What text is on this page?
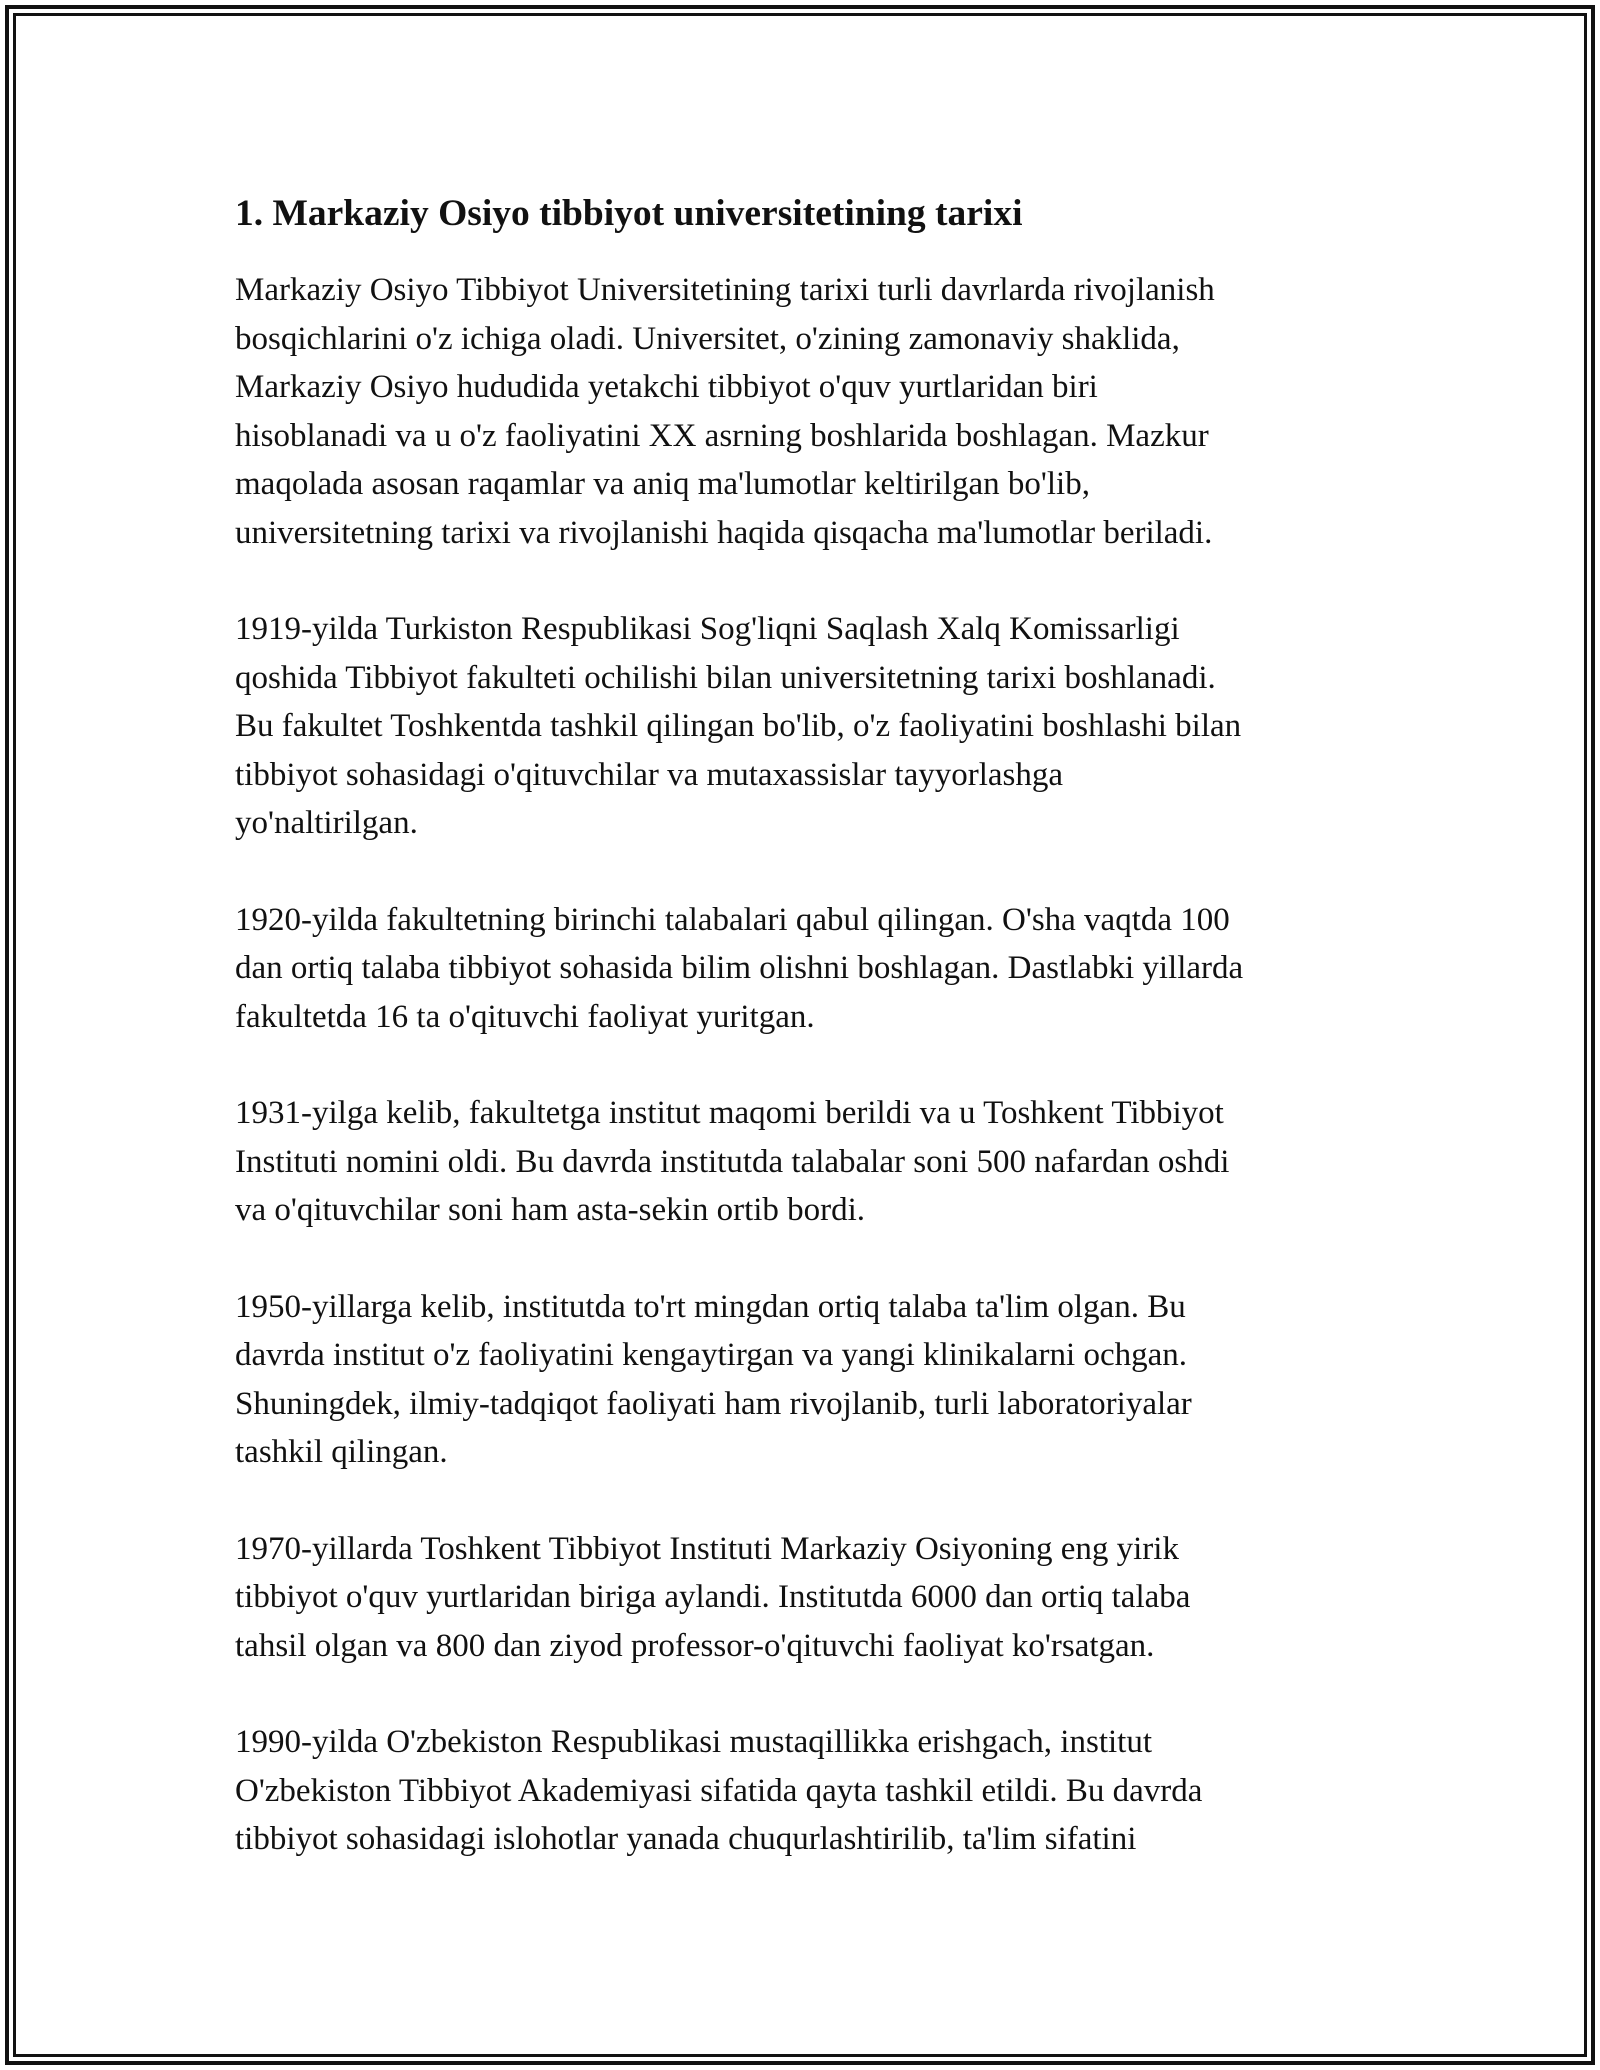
1. Markaziy Osiyo tibbiyot universitetining tarixi

Markaziy Osiyo Tibbiyot Universitetining tarixi turli davrlarda rivojlanish
bosqichlarini o'z ichiga oladi. Universitet, o'zining zamonaviy shaklida,
Markaziy Osiyo hududida yetakchi tibbiyot o'quv yurtlaridan biri
hisoblanadi va u o'z faoliyatini XX asrning boshlarida boshlagan. Mazkur
maqolada asosan raqamlar va aniq ma'lumotlar keltirilgan bo'lib,
universitetning tarixi va rivojlanishi haqida qisqacha ma'lumotlar beriladi.

1919-yilda Turkiston Respublikasi Sog'liqni Saqlash Xalq Komissarligi
qoshida Tibbiyot fakulteti ochilishi bilan universitetning tarixi boshlanadi.
Bu fakultet Toshkentda tashkil qilingan bo'lib, o'z faoliyatini boshlashi bilan
tibbiyot sohasidagi o'qituvchilar va mutaxassislar tayyorlashga
yo'naltirilgan.

1920-yilda fakultetning birinchi talabalari qabul qilingan. O'sha vaqtda 100
dan ortiq talaba tibbiyot sohasida bilim olishni boshlagan. Dastlabki yillarda
fakultetda 16 ta o'qituvchi faoliyat yuritgan.

1931-yilga kelib, fakultetga institut maqomi berildi va u Toshkent Tibbiyot
Instituti nomini oldi. Bu davrda institutda talabalar soni 500 nafardan oshdi
va o'qituvchilar soni ham asta-sekin ortib bordi.

1950-yillarga kelib, institutda to'rt mingdan ortiq talaba ta'lim olgan. Bu
davrda institut o'z faoliyatini kengaytirgan va yangi klinikalarni ochgan.
Shuningdek, ilmiy-tadqiqot faoliyati ham rivojlanib, turli laboratoriyalar
tashkil qilingan.

1970-yillarda Toshkent Tibbiyot Instituti Markaziy Osiyoning eng yirik
tibbiyot o'quv yurtlaridan biriga aylandi. Institutda 6000 dan ortiq talaba
tahsil olgan va 800 dan ziyod professor-o'qituvchi faoliyat ko'rsatgan.

1990-yilda O'zbekiston Respublikasi mustaqillikka erishgach, institut
O'zbekiston Tibbiyot Akademiyasi sifatida qayta tashkil etildi. Bu davrda
tibbiyot sohasidagi islohotlar yanada chuqurlashtirilib, ta'lim sifatini
